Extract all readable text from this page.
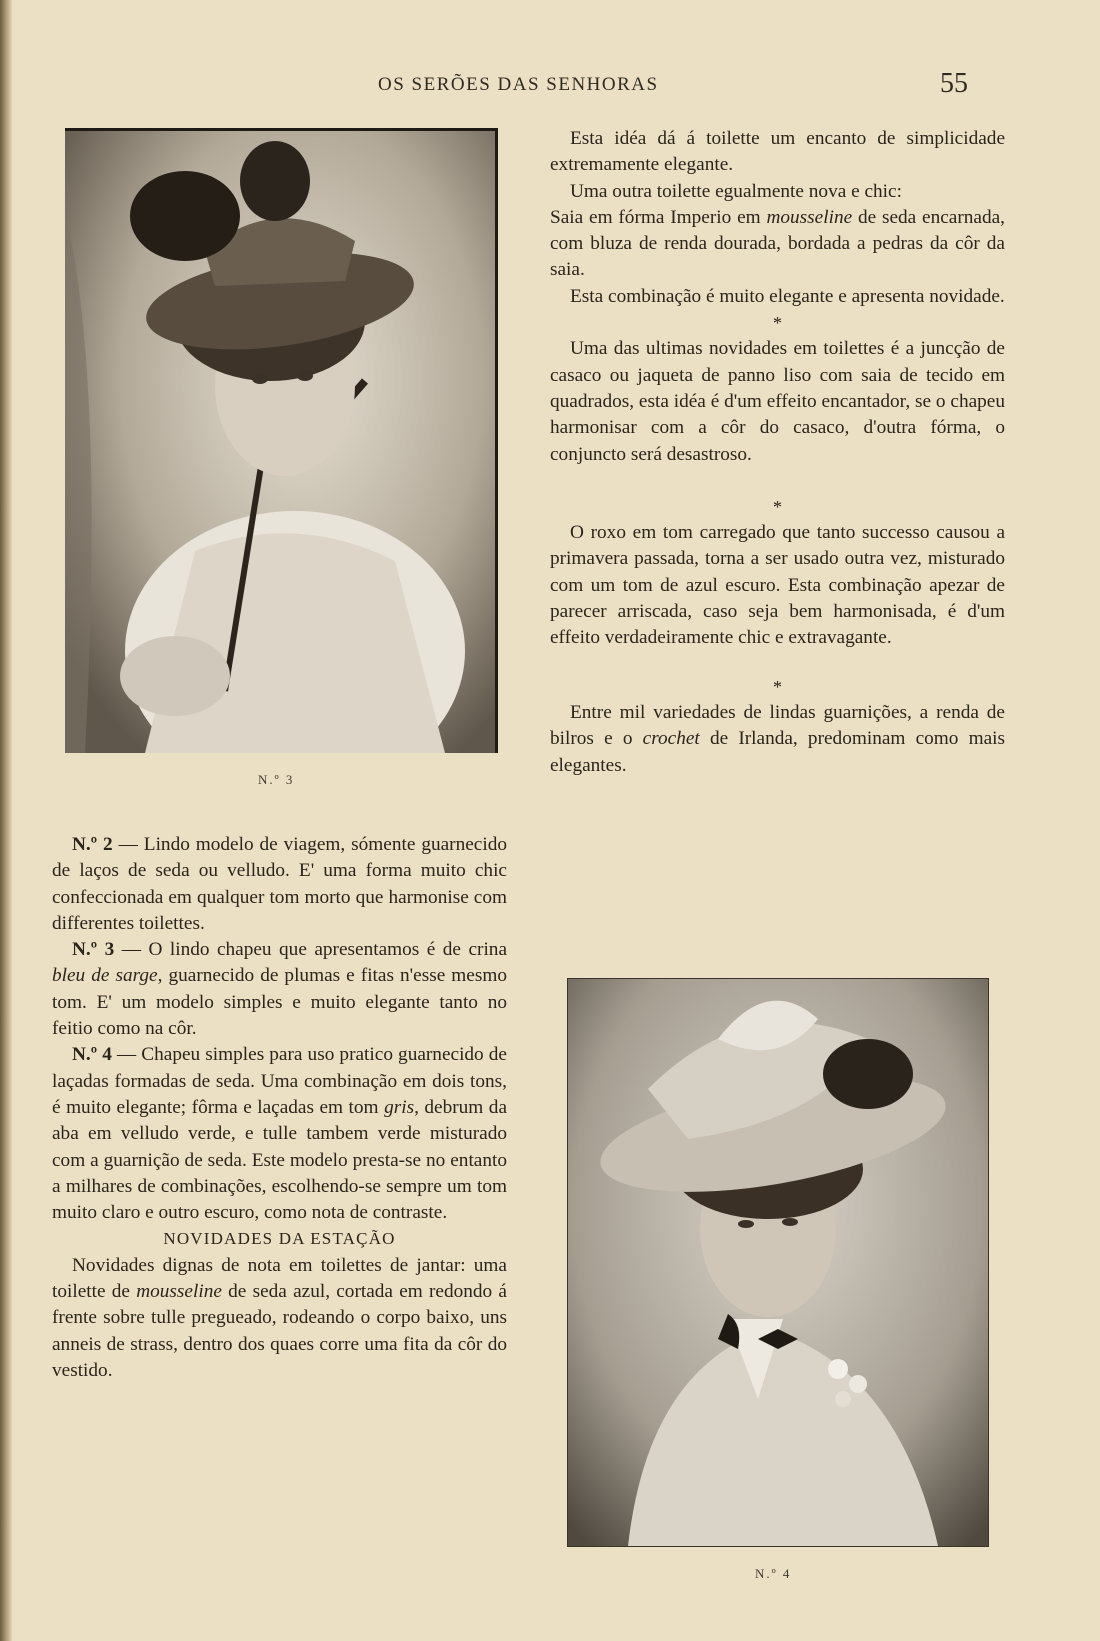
OS SERÕES DAS SENHORAS	55
N.º 3
N.º 4

Esta idéa dá á toilette um encanto de simplicidade extremamente elegante.

Uma outra toilette egualmente nova e chic:

Saia em fórma Imperio em mousseline de seda encarnada, com bluza de renda dourada, bordada a pedras da côr da saia.

Esta combinação é muito elegante e apresenta novidade.

*

Uma das ultimas novidades em toilettes é a juncção de casaco ou jaqueta de panno liso com saia de tecido em quadrados, esta idéa é d'um effeito encantador, se o chapeu harmonisar com a côr do casaco, d'outra fórma, o conjuncto será desastroso.

*

O roxo em tom carregado que tanto successo causou a primavera passada, torna a ser usado outra vez, misturado com um tom de azul escuro. Esta combinação apezar de parecer arriscada, caso seja bem harmonisada, é d'um effeito verdadeiramente chic e extravagante.

*

Entre mil variedades de lindas guarnições, a renda de bilros e o crochet de Irlanda, predominam como mais elegantes.

N.º 2 — Lindo modelo de viagem, sómente guarnecido de laços de seda ou velludo. E' uma forma muito chic confeccionada em qualquer tom morto que harmonise com differentes toilettes.

N.º 3 — O lindo chapeu que apresentamos é de crina bleu de sarge, guarnecido de plumas e fitas n'esse mesmo tom. E' um modelo simples e muito elegante tanto no feitio como na côr.

N.º 4 — Chapeu simples para uso pratico guarnecido de laçadas formadas de seda. Uma combinação em dois tons, é muito elegante; fôrma e laçadas em tom gris, debrum da aba em velludo verde, e tulle tambem verde misturado com a guarnição de seda. Este modelo presta-se no entanto a milhares de combinações, escolhendo-se sempre um tom muito claro e outro escuro, como nota de contraste.

NOVIDADES DA ESTAÇÃO

Novidades dignas de nota em toilettes de jantar: uma toilette de mousseline de seda azul, cortada em redondo á frente sobre tulle pregueado, rodeando o corpo baixo, uns anneis de strass, dentro dos quaes corre uma fita da côr do vestido.
